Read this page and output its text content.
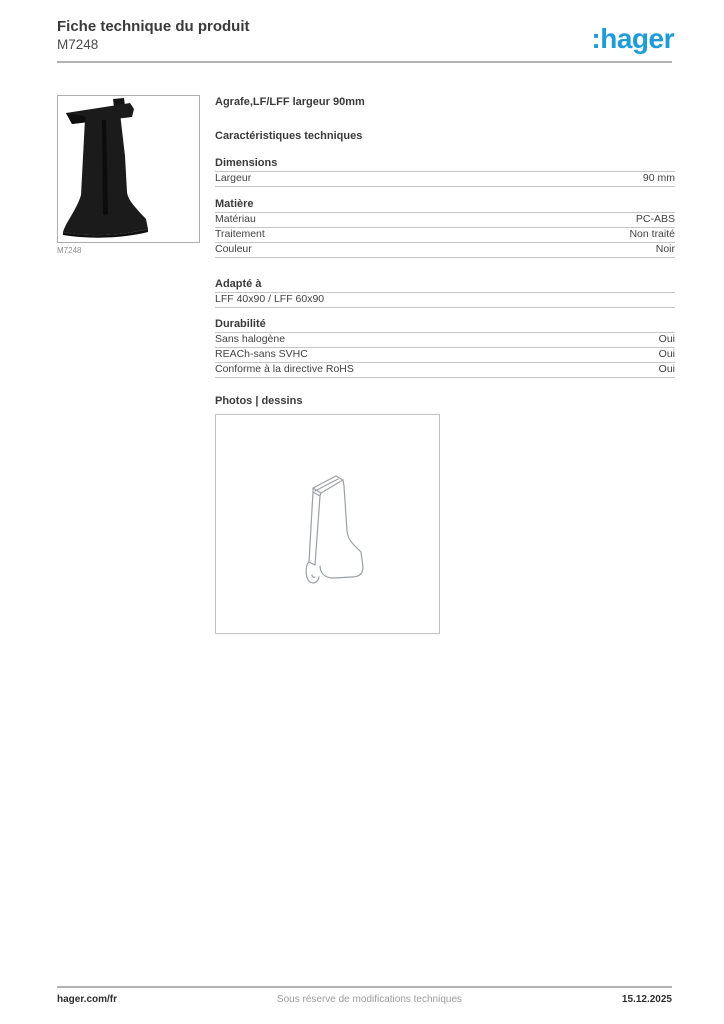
Fiche technique du produit
M7248	:hager
M7248
Agrafe,LF/LFF largeur 90mm
Caractéristiques techniques
Dimensions
Largeur	90 mm
Matière
Matériau	PC-ABS
Traitement	Non traité
Couleur	Noir
Adapté à
LFF 40x90 / LFF 60x90
Durabilité
Sans halogène	Oui
REACh-sans SVHC	Oui
Conforme à la directive RoHS	Oui
Photos | dessins
hager.com/fr	Sous réserve de modifications techniques	15.12.2025
